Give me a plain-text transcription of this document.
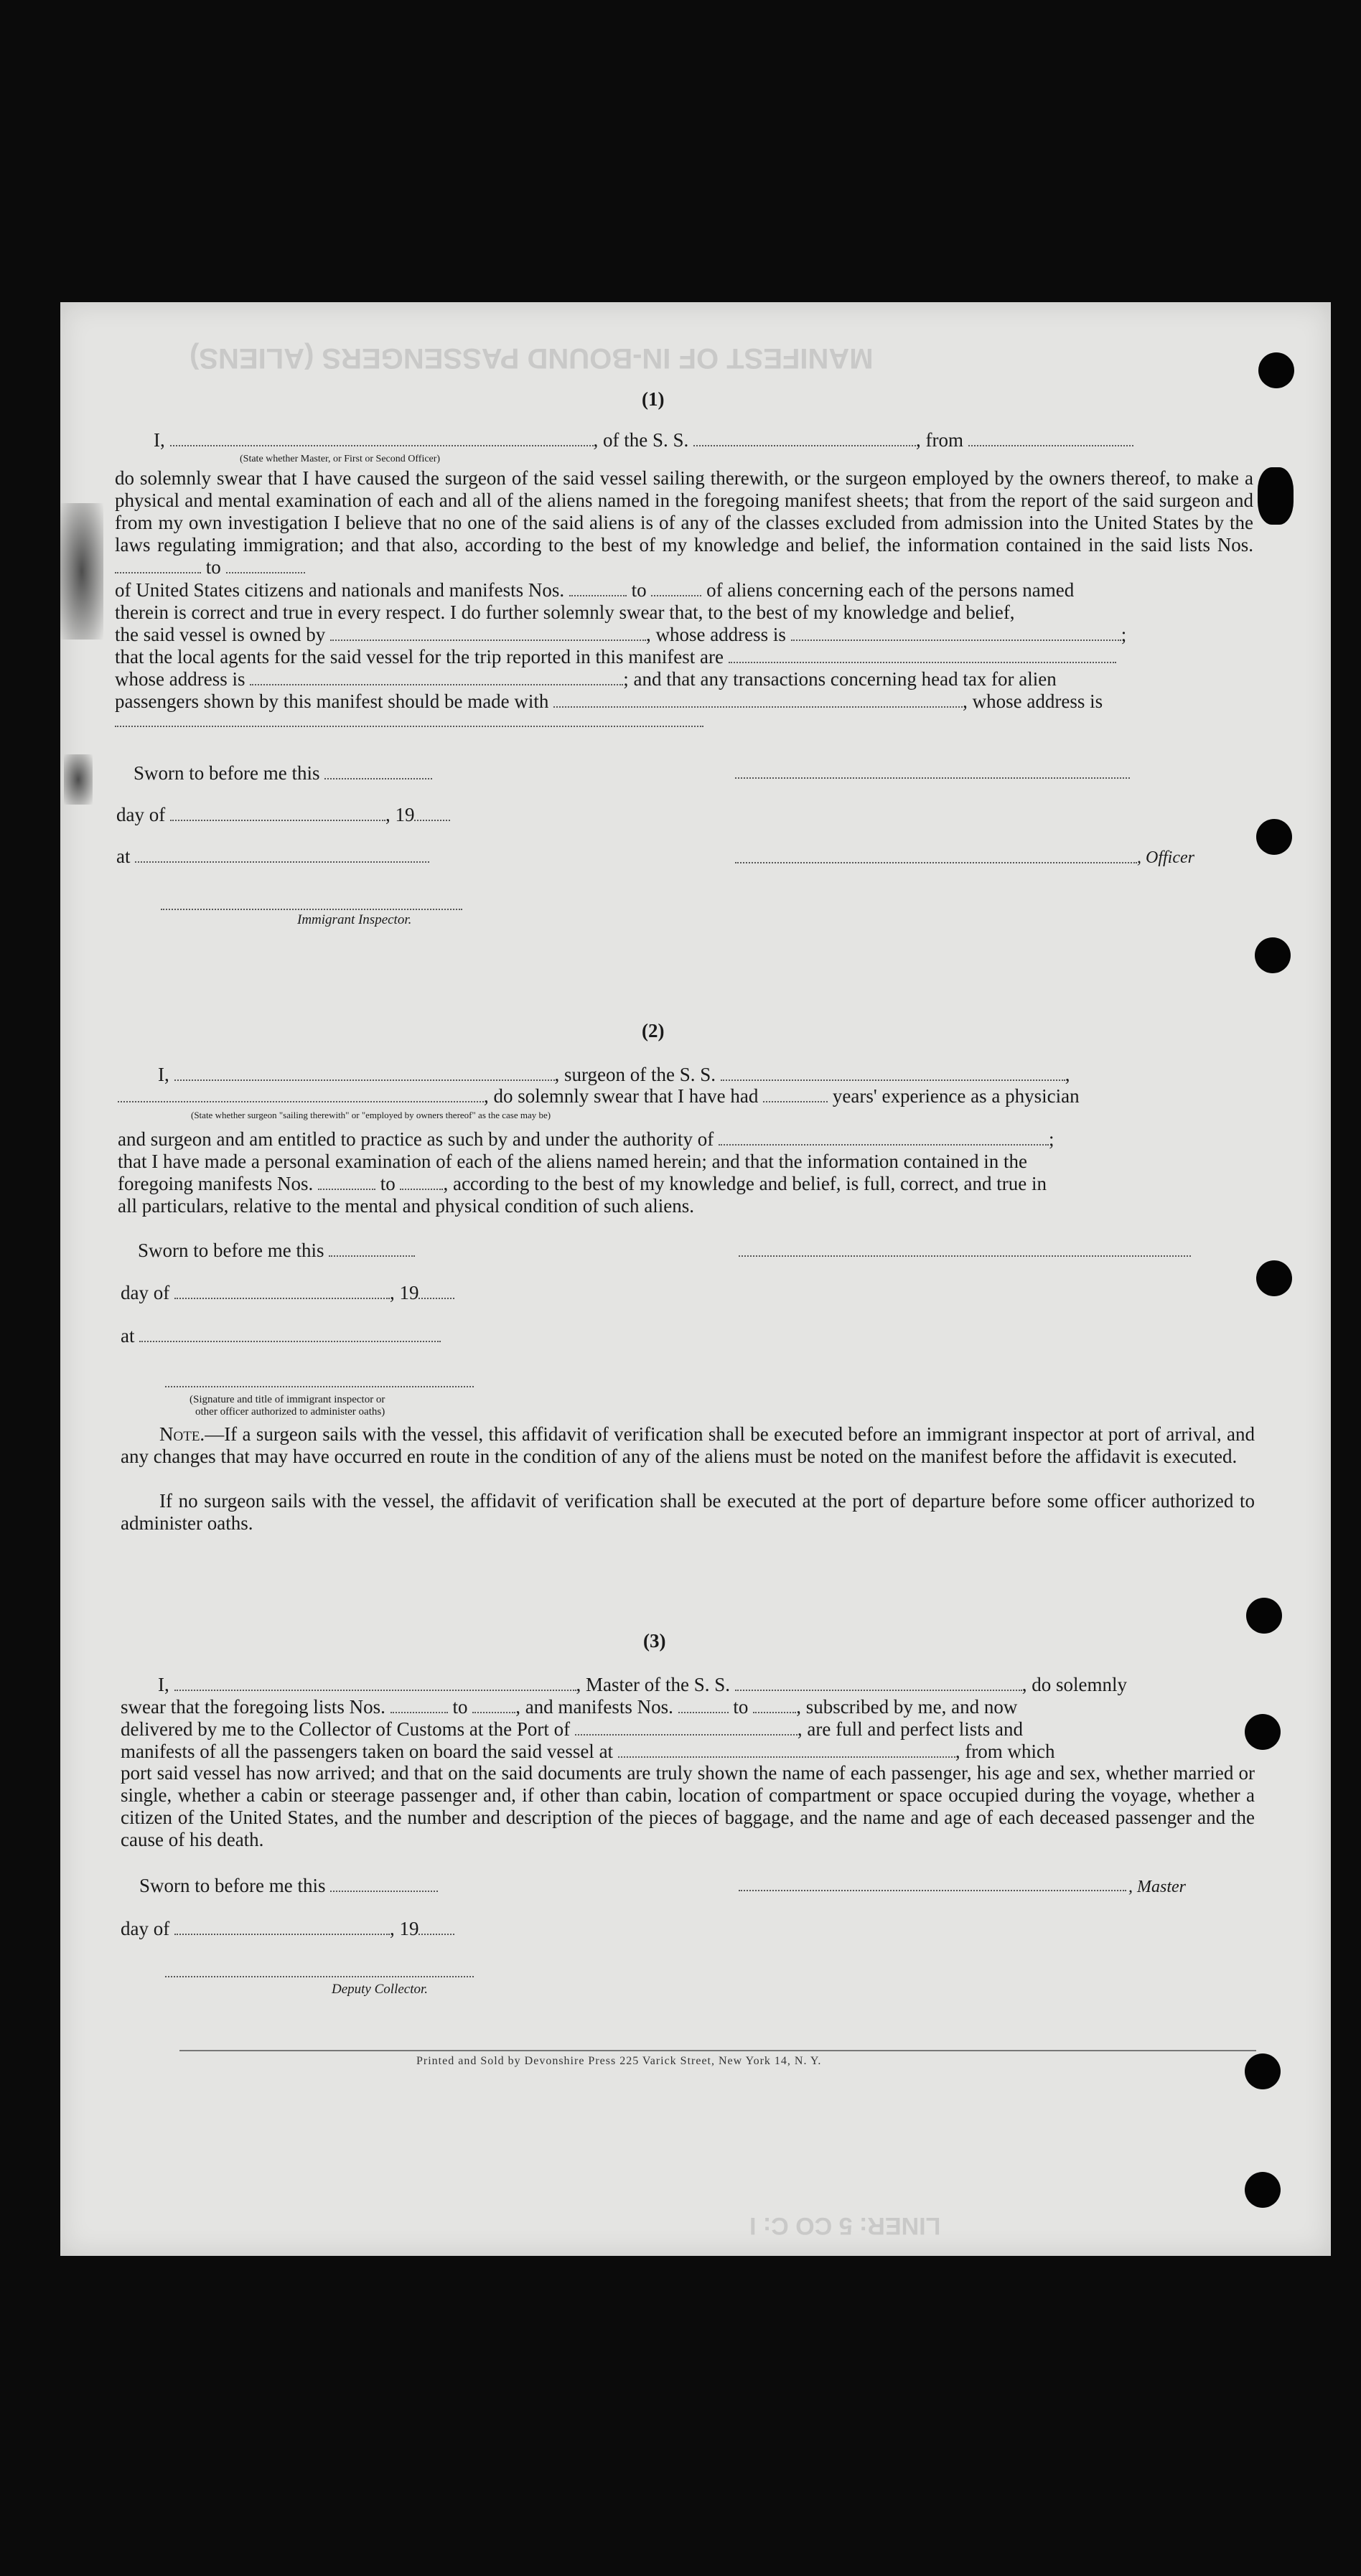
MANIFEST OF IN-BOUND PASSENGERS (ALIENS)
LINER: 5 CO C: I
(1)
I,	, of the S. S.	, from
(State whether Master, or First or Second Officer)
do solemnly swear that I have caused the surgeon of the said vessel sailing therewith, or the surgeon employed by the owners thereof, to make a physical and mental examination of each and all of the aliens named in the foregoing manifest sheets; that from the report of the said surgeon and from my own investigation I believe that no one of the said aliens is of any of the classes excluded from admission into the United States by the laws regulating immigration; and that also, according to the best of my knowledge and belief, the information contained in the said lists Nos.  to
of United States citizens and nationals and manifests Nos.	to	of aliens concerning each of the persons named
therein is correct and true in every respect. I do further solemnly swear that, to the best of my knowledge and belief,
the said vessel is owned by	, whose address is	;
that the local agents for the said vessel for the trip reported in this manifest are
whose address is	; and that any transactions concerning head tax for alien
passengers shown by this manifest should be made with	, whose address is
Sworn to before me this
day of	, 19
at	, Officer
Immigrant Inspector.
(2)
I,	, surgeon of the S. S.	,
, do solemnly swear that I have had	years' experience as a physician
(State whether surgeon "sailing therewith" or "employed by owners thereof" as the case may be)
and surgeon and am entitled to practice as such by and under the authority of	;
that I have made a personal examination of each of the aliens named herein; and that the information contained in the
foregoing manifests Nos.	to , according to the best of my knowledge and belief, is full, correct, and true in
all particulars, relative to the mental and physical condition of such aliens.
Sworn to before me this
day of	, 19
at
(Signature and title of immigrant inspector or
other officer authorized to administer oaths)
Note.—If a surgeon sails with the vessel, this affidavit of verification shall be executed before an immigrant inspector at port of arrival, and any changes that may have occurred en route in the condition of any of the aliens must be noted on the manifest before the affidavit is executed.
If no surgeon sails with the vessel, the affidavit of verification shall be executed at the port of departure before some officer authorized to administer oaths.
(3)
I,	, Master of the S. S.	, do solemnly
swear that the foregoing lists Nos.	to , and manifests Nos.	to , subscribed by me, and now
delivered by me to the Collector of Customs at the Port of	, are full and perfect lists and
manifests of all the passengers taken on board the said vessel at	, from which
port said vessel has now arrived; and that on the said documents are truly shown the name of each passenger, his age and sex, whether married or single, whether a cabin or steerage passenger and, if other than cabin, location of compartment or space occupied during the voyage, whether a citizen of the United States, and the number and description of the pieces of baggage, and the name and age of each deceased passenger and the cause of his death.
Sworn to before me this	, Master
day of	, 19
Deputy Collector.
Printed and Sold by Devonshire Press 225 Varick Street, New York 14, N. Y.
